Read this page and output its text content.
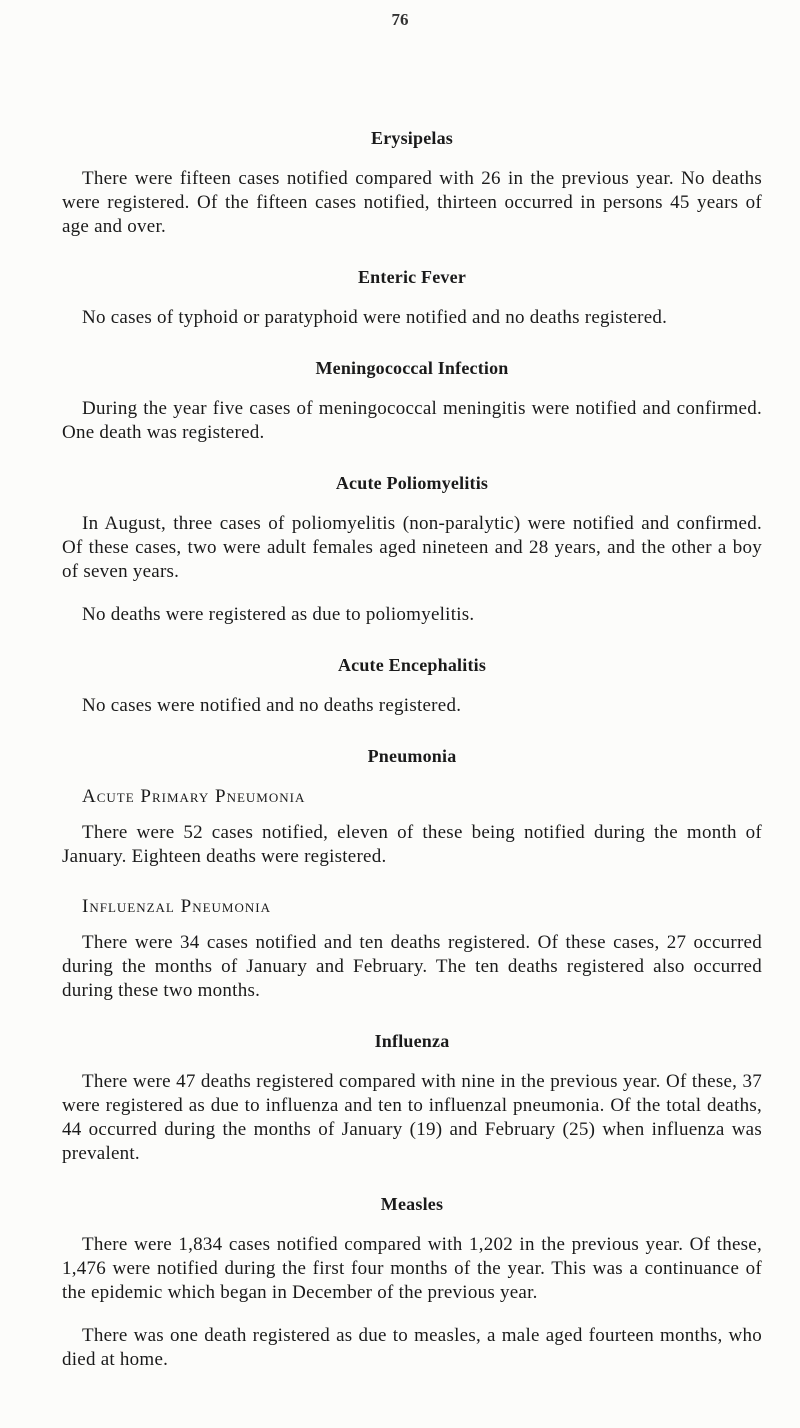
76
Erysipelas

There were fifteen cases notified compared with 26 in the previous year. No deaths were registered. Of the fifteen cases notified, thirteen occurred in persons 45 years of age and over.

Enteric Fever

No cases of typhoid or paratyphoid were notified and no deaths registered.

Meningococcal Infection

During the year five cases of meningococcal meningitis were notified and confirmed. One death was registered.

Acute Poliomyelitis

In August, three cases of poliomyelitis (non-paralytic) were notified and confirmed. Of these cases, two were adult females aged nineteen and 28 years, and the other a boy of seven years.

No deaths were registered as due to poliomyelitis.

Acute Encephalitis

No cases were notified and no deaths registered.

Pneumonia
Acute Primary Pneumonia

There were 52 cases notified, eleven of these being notified during the month of January. Eighteen deaths were registered.

Influenzal Pneumonia

There were 34 cases notified and ten deaths registered. Of these cases, 27 occurred during the months of January and February. The ten deaths registered also occurred during these two months.

Influenza

There were 47 deaths registered compared with nine in the previous year. Of these, 37 were registered as due to influenza and ten to influenzal pneumonia. Of the total deaths, 44 occurred during the months of January (19) and February (25) when influenza was prevalent.

Measles

There were 1,834 cases notified compared with 1,202 in the previous year. Of these, 1,476 were notified during the first four months of the year. This was a continuance of the epidemic which began in December of the previous year.

There was one death registered as due to measles, a male aged fourteen months, who died at home.
